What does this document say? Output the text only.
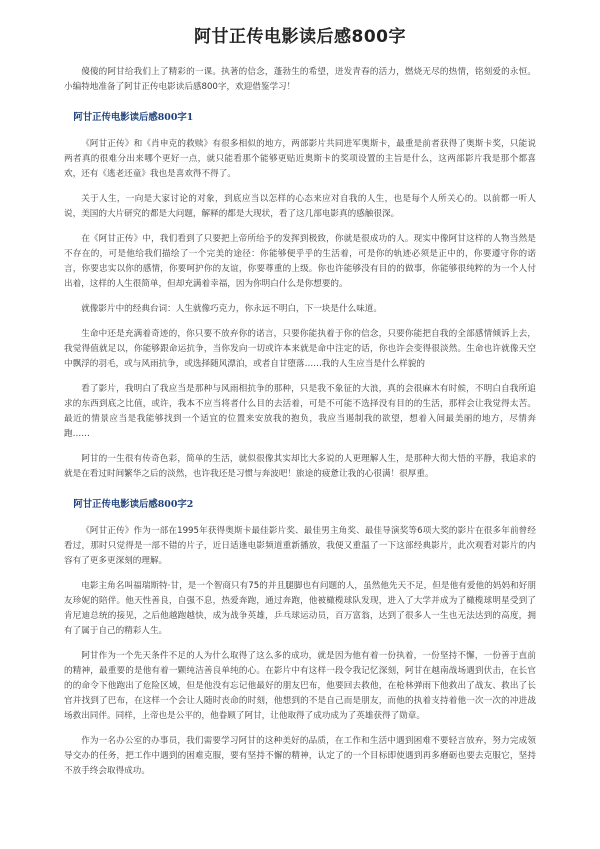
阿甘正传电影读后感800字

傻傻的阿甘给我们上了精彩的一课。执著的信念，蓬勃生的希望，迸发青春的活力，燃烧无尽的热情，铭刻爱的永恒。小编特地准备了阿甘正传电影读后感800字，欢迎借鉴学习！

阿甘正传电影读后感800字1

《阿甘正传》和《肖申克的救赎》有很多相似的地方，两部影片共同进军奥斯卡，最重是前者获得了奥斯卡奖，只能说两者真的很难分出来哪个更好一点，就只能看那个能够更贴近奥斯卡的奖项设置的主旨是什么，这两部影片我是那个都喜欢，还有《逃老还童》我也是喜欢得不得了。

关于人生，一向是大家讨论的对象，到底应当以怎样的心态来应对自我的人生，也是每个人所关心的。以前都一听人说，美国的大片研究的都是大问题，解释的都是大现状，看了这几部电影真的感触很深。

在《阿甘正传》中，我们看到了只要把上帝所给予的发挥到极致，你就是很成功的人。现实中像阿甘这样的人物当然是不存在的，可是他给我们描绘了一个完美的途径：你能够便乎乎的生活着，可是你的轨迹必须是正中的，你要遵守你的诺言，你要忠实以你的感情，你要呵护你的友谊，你要尊重的上级。你也许能够没有目的的做事，你能够很纯粹的为一个人付出着，这样的人生很简单，但却充满着幸福，因为你明白什么是你想要的。

就像影片中的经典台词：人生就像巧克力，你永远不明白，下一块是什么味道。

生命中还是充满着奇迹的，你只要不放弃你的诺言，只要你能执着于你的信念，只要你能把自我的全部感情倾诉上去，我觉得值就足以，你能够跟命运抗争，当你发向一切或许本来就是命中注定的话，你也许会变得很淡然。生命也许就像天空中飘浮的羽毛，或与风雨抗争，或选择随风漂泊，或者自甘堕落……我的人生应当是什么样貌的

看了影片，我明白了我应当是那种与风雨相抗争的那种，只是我不象征的大浪，真的会很麻木有时候，不明白自我所追求的东西到底之比值，或许，我本不应当将者什么目的去活着，可是不可能不选择没有目的的生活，那样会让我觉得太苦。最近的情景应当是我能够找到一个适宜的位置来安放我的抱负，我应当遏制我的欲望，想着入间最美丽的地方，尽情奔跑……

阿甘的一生很有传奇色彩，简单的生活，就似很像其实却比大多说的人更理解人生，是那种大彻大悟的平静，我追求的就是在看过时间繁华之后的淡然，也许我还是习惯与奔波吧！旅途的疲惫让我的心很满！很厚重。

阿甘正传电影读后感800字2

《阿甘正传》作为一部在1995年获得奥斯卡最佳影片奖、最佳男主角奖、最佳导演奖等6项大奖的影片在很多年前曾经看过，那时只觉得是一部不错的片子，近日适逢电影频道重新播放，我便又重温了一下这部经典影片，此次观看对影片的内容有了更多更深刻的理解。

电影主角名叫福瑞斯特·甘，是一个智商只有75的并且腿脚也有问题的人，虽然他先天不足，但是他有爱他的妈妈和好朋友珍妮的陪伴。他天性善良，自强不息，热爱奔跑，通过奔跑，他被橄榄球队发现，进入了大学并成为了橄榄球明星受到了肯尼迪总统的接见，之后他越跑越快，成为战争英雄，乒乓球运动员，百万富翁，达到了很多人一生也无法达到的高度，拥有了属于自己的精彩人生。

阿甘作为一个先天条件不足的人为什么取得了这么多的成功，就是因为他有着一份执着，一份坚持不懈，一份善于直前的精神，最重要的是他有着一颗纯洁善良单纯的心。在影片中有这样一段令我记忆深刻，阿甘在越南战场遇到伏击，在长官的的命令下他跑出了危险区域，但是他没有忘记他最好的朋友巴布，他要回去救他，在枪林弹雨下他救出了战友、救出了长官并找到了巴布，在这样一个会让人随时丧命的时刻，他想到的不是自己而是朋友，而他的执着支持着他一次一次的冲进战场救出同伴。同样，上帝也是公平的，他眷顾了阿甘，让他取得了成功成为了英雄获得了勋章。

作为一名办公室的办事员，我们需要学习阿甘的这种美好的品质，在工作和生活中遇到困难不要轻言放弃，努力完成领导交办的任务，把工作中遇到的困难克服，要有坚持不懈的精神，认定了的一个目标即使遇到再多磨砺也要去克服它，坚持不放手终会取得成功。
